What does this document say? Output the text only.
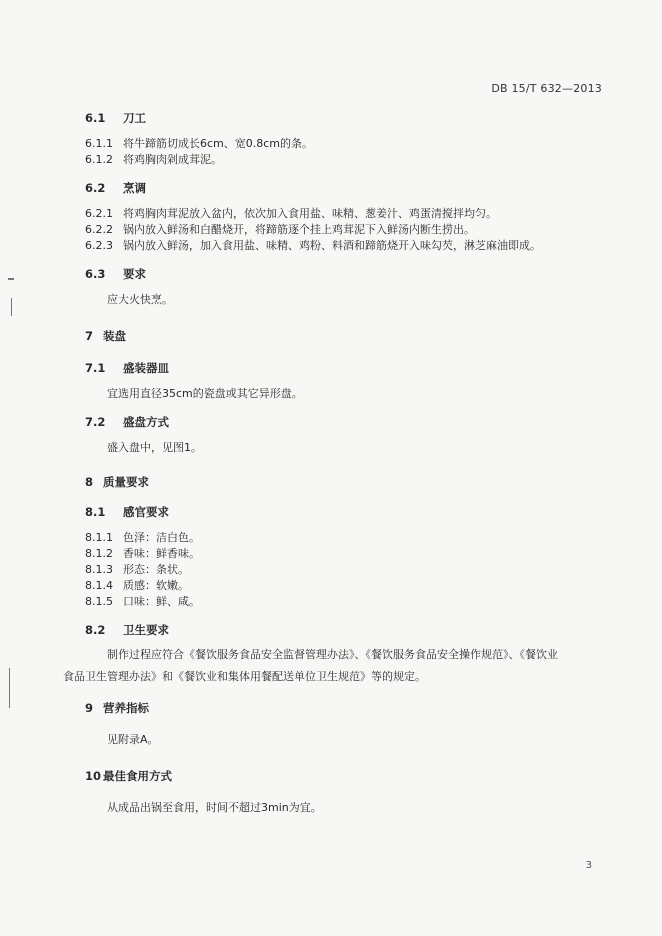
DB 15/T 632—2013
6.1 刀工
6.1.1 将牛蹄筋切成长6cm、宽0.8cm的条。
6.1.2 将鸡胸肉剁成茸泥。
6.2 烹调
6.2.1 将鸡胸肉茸泥放入盆内，依次加入食用盐、味精、葱姜汁、鸡蛋清搅拌均匀。
6.2.2 锅内放入鲜汤和白醋烧开，将蹄筋逐个挂上鸡茸泥下入鲜汤内断生捞出。
6.2.3 锅内放入鲜汤，加入食用盐、味精、鸡粉、料酒和蹄筋烧开入味勾芡，淋芝麻油即成。
6.3 要求
应大火快烹。
7 装盘
7.1 盛装器皿
宜选用直径35cm的瓷盘或其它异形盘。
7.2 盛盘方式
盛入盘中，见图1。
8 质量要求
8.1 感官要求
8.1.1 色泽：洁白色。
8.1.2 香味：鲜香味。
8.1.3 形态：条状。
8.1.4 质感：软嫩。
8.1.5 口味：鲜、咸。
8.2 卫生要求
制作过程应符合《餐饮服务食品安全监督管理办法》、《餐饮服务食品安全操作规范》、《餐饮业
食品卫生管理办法》和《餐饮业和集体用餐配送单位卫生规范》等的规定。
9 营养指标
见附录A。
10 最佳食用方式
从成品出锅至食用，时间不超过3min为宜。
3
